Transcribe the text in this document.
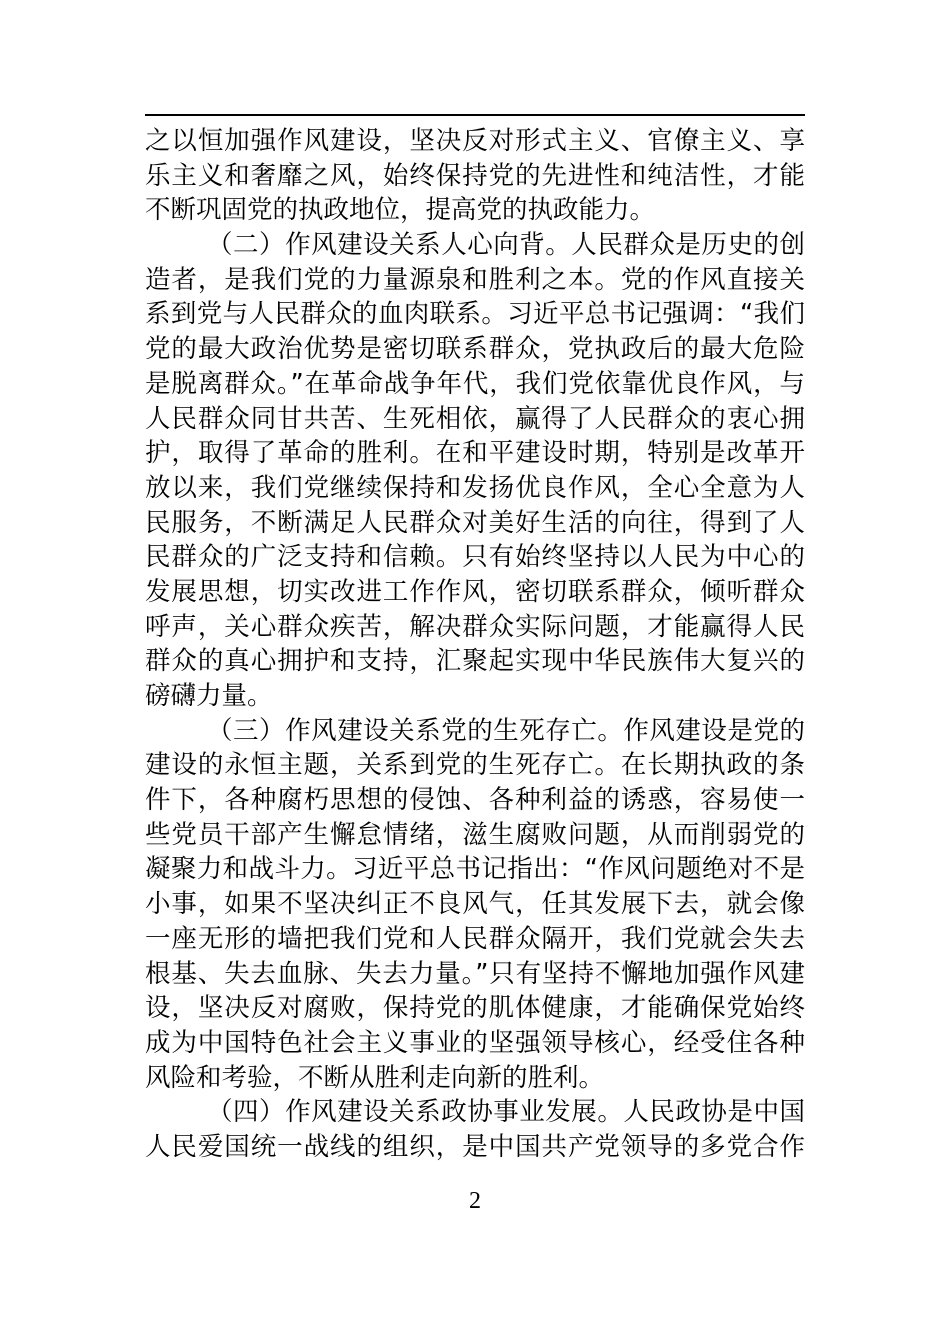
之以恒加强作风建设，坚决反对形式主义、官僚主义、享
乐主义和奢靡之风，始终保持党的先进性和纯洁性，才能
不断巩固党的执政地位，提高党的执政能力。
（二）作风建设关系人心向背。人民群众是历史的创
造者，是我们党的力量源泉和胜利之本。党的作风直接关
系到党与人民群众的血肉联系。习近平总书记强调：“我们
党的最大政治优势是密切联系群众，党执政后的最大危险
是脱离群众。”在革命战争年代，我们党依靠优良作风，与
人民群众同甘共苦、生死相依，赢得了人民群众的衷心拥
护，取得了革命的胜利。在和平建设时期，特别是改革开
放以来，我们党继续保持和发扬优良作风，全心全意为人
民服务，不断满足人民群众对美好生活的向往，得到了人
民群众的广泛支持和信赖。只有始终坚持以人民为中心的
发展思想，切实改进工作作风，密切联系群众，倾听群众
呼声，关心群众疾苦，解决群众实际问题，才能赢得人民
群众的真心拥护和支持，汇聚起实现中华民族伟大复兴的
磅礴力量。
（三）作风建设关系党的生死存亡。作风建设是党的
建设的永恒主题，关系到党的生死存亡。在长期执政的条
件下，各种腐朽思想的侵蚀、各种利益的诱惑，容易使一
些党员干部产生懈怠情绪，滋生腐败问题，从而削弱党的
凝聚力和战斗力。习近平总书记指出：“作风问题绝对不是
小事，如果不坚决纠正不良风气，任其发展下去，就会像
一座无形的墙把我们党和人民群众隔开，我们党就会失去
根基、失去血脉、失去力量。”只有坚持不懈地加强作风建
设，坚决反对腐败，保持党的肌体健康，才能确保党始终
成为中国特色社会主义事业的坚强领导核心，经受住各种
风险和考验，不断从胜利走向新的胜利。
（四）作风建设关系政协事业发展。人民政协是中国
人民爱国统一战线的组织，是中国共产党领导的多党合作
2
